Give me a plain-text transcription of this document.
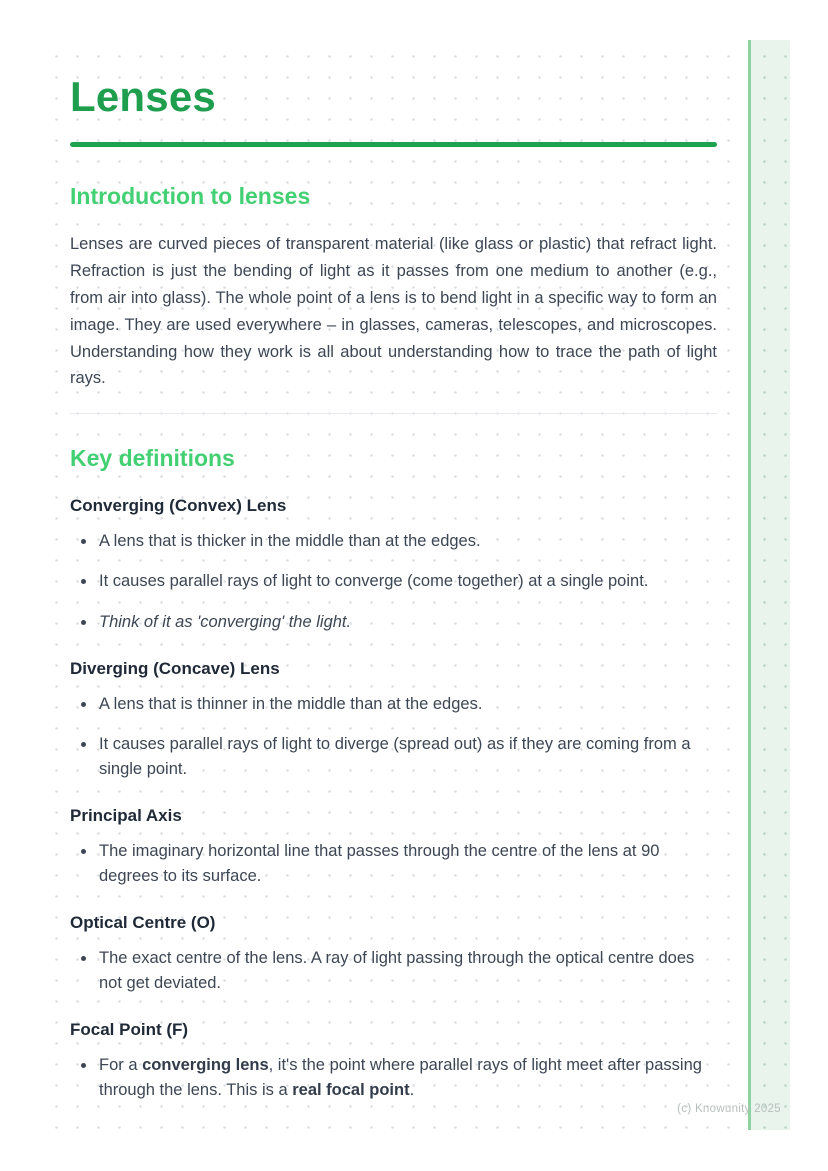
Lenses
Introduction to lenses

Lenses are curved pieces of transparent material (like glass or plastic) that refract light. Refraction is just the bending of light as it passes from one medium to another (e.g., from air into glass). The whole point of a lens is to bend light in a specific way to form an image. They are used everywhere – in glasses, cameras, telescopes, and microscopes. Understanding how they work is all about understanding how to trace the path of light rays.

Key definitions
Converging (Convex) Lens
• A lens that is thicker in the middle than at the edges.
• It causes parallel rays of light to converge (come together) at a single point.
• Think of it as 'converging' the light.
Diverging (Concave) Lens
• A lens that is thinner in the middle than at the edges.
• It causes parallel rays of light to diverge (spread out) as if they are coming from a single point.
Principal Axis
• The imaginary horizontal line that passes through the centre of the lens at 90 degrees to its surface.
Optical Centre (O)
• The exact centre of the lens. A ray of light passing through the optical centre does not get deviated.
Focal Point (F)
• For a converging lens, it's the point where parallel rays of light meet after passing through the lens. This is a real focal point.
(c) Knowunity 2025
